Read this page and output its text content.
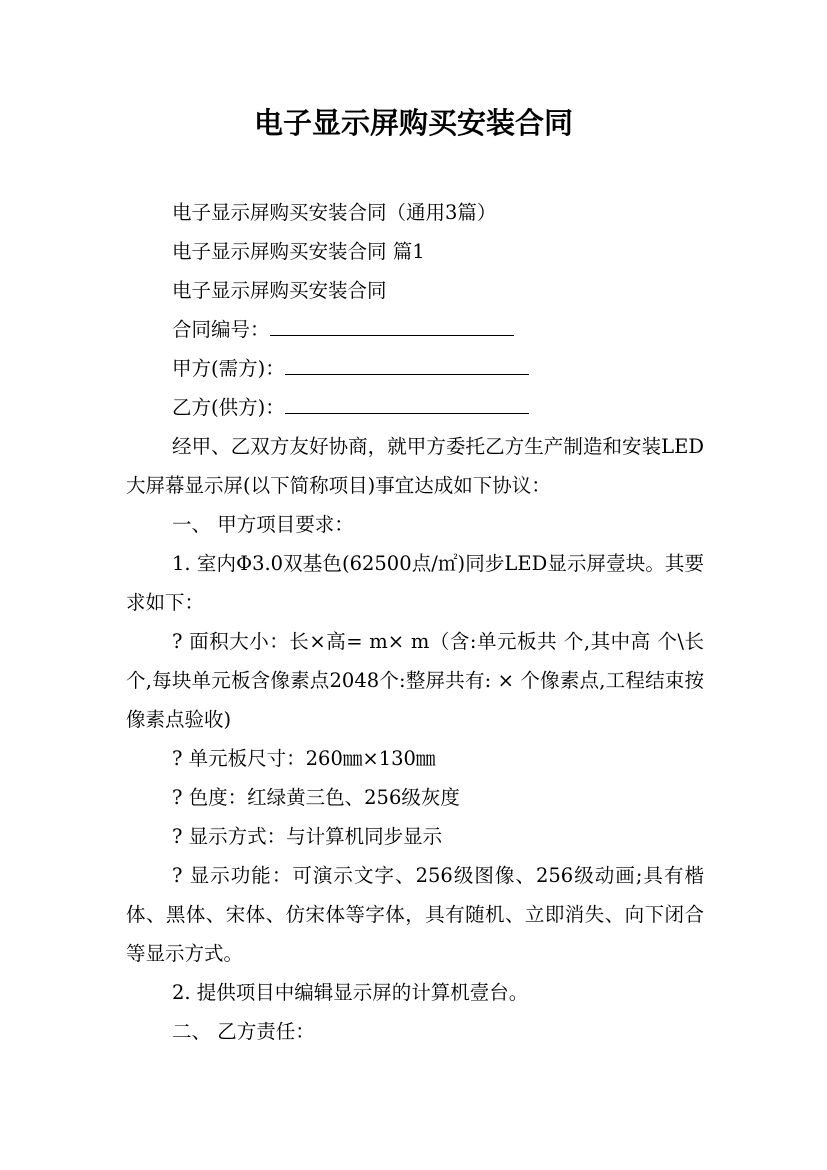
电子显示屏购买安装合同

电子显示屏购买安装合同（通用3篇）

电子显示屏购买安装合同 篇1

电子显示屏购买安装合同

合同编号：

甲方(需方)：

乙方(供方)：

经甲、乙双方友好协商，就甲方委托乙方生产制造和安装LED大屏幕显示屏(以下简称项目)事宜达成如下协议：

一、 甲方项目要求：

1. 室内Φ3.0双基色(62500点/㎡)同步LED显示屏壹块。其要求如下：

? 面积大小：长×高= m× m（含:单元板共 个,其中高 个\长 个,每块单元板含像素点2048个:整屏共有: × 个像素点,工程结束按像素点验收)

? 单元板尺寸：260㎜×130㎜

? 色度：红绿黄三色、256级灰度

? 显示方式：与计算机同步显示

? 显示功能：可演示文字、256级图像、256级动画;具有楷体、黑体、宋体、仿宋体等字体，具有随机、立即消失、向下闭合等显示方式。

2. 提供项目中编辑显示屏的计算机壹台。

二、 乙方责任：
